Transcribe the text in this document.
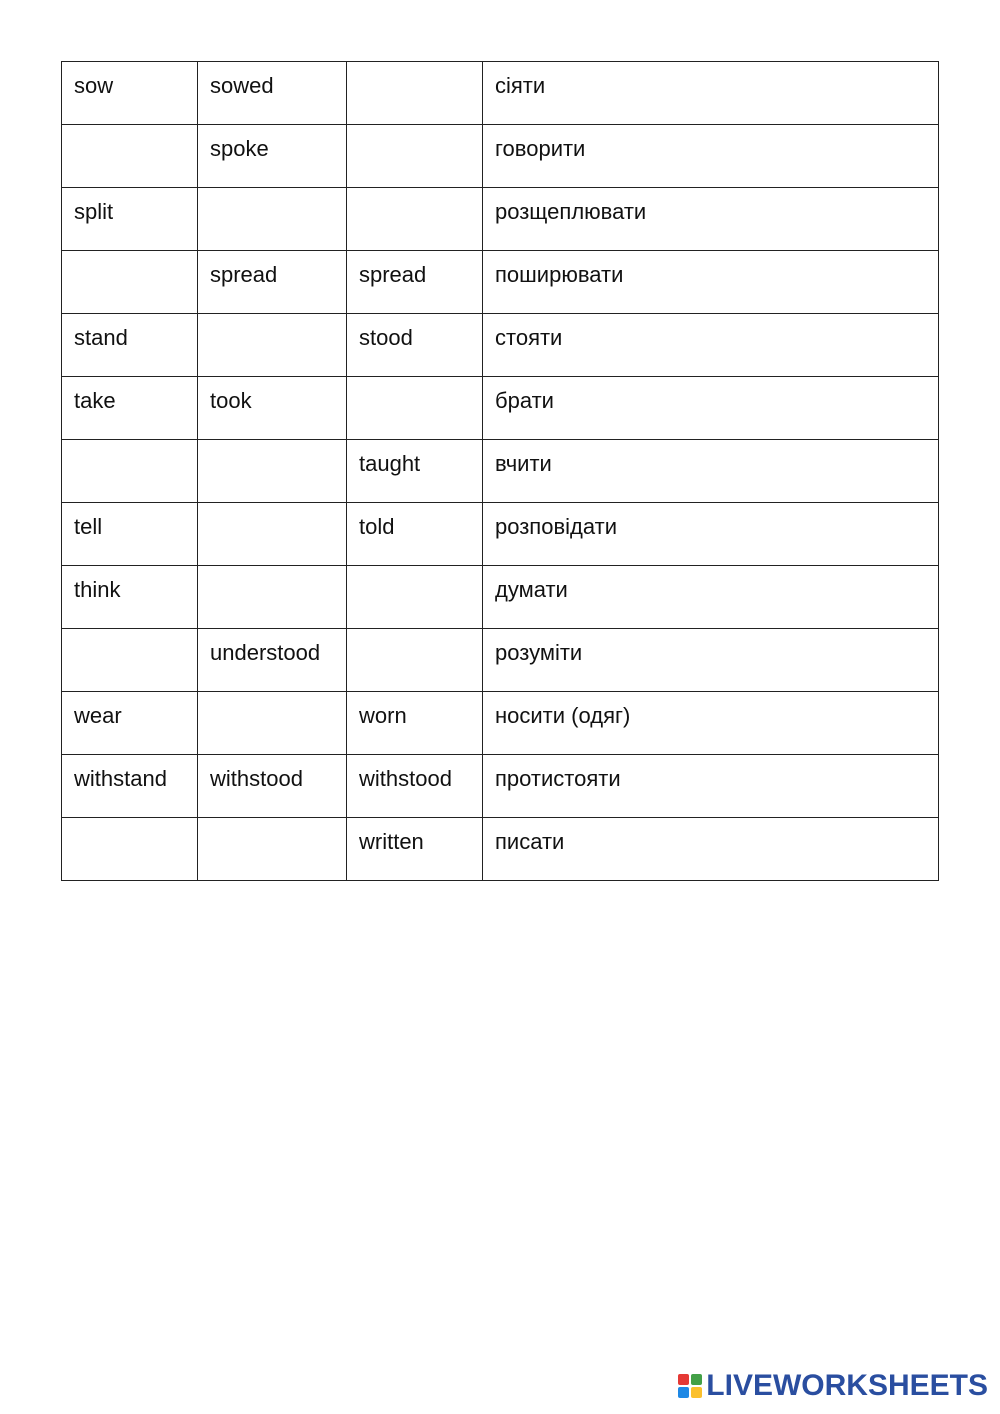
sow	sowed		сіяти

	spoke		говорити

split			розщеплювати

	spread	spread	поширювати

stand		stood	стояти

take	took		брати

		taught	вчити

tell		told	розповідати

think			думати

	understood		розуміти

wear		worn	носити (одяг)

withstand	withstood	withstood	протистояти

		written	писати
LIVEWORKSHEETS
